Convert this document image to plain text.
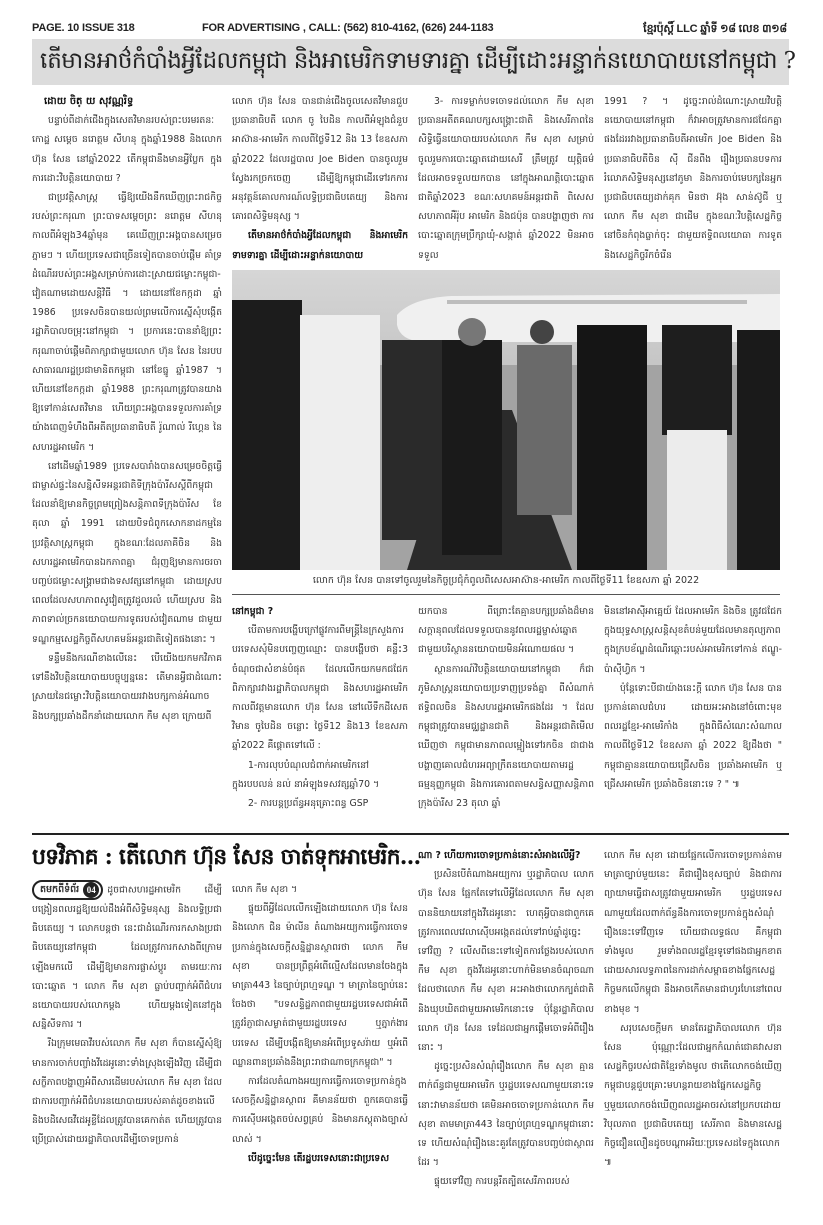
PAGE. 10 ISSUE 318	FOR ADVERTISING , CALL: (562) 810-4162, (626) 244-1183	ខ្មែរប៉ុស្ដិ៍ LLC ឆ្នាំទី ១៨ លេខ ៣១៨
តើមានអាថ៌កំបាំងអ្វីដែលកម្ពុជា និងអាមេរិកទាមទារគ្នា ដើម្បីដោះអន្ទាក់នយោបាយនៅកម្ពុជា ?

ដោយ ចិត្ យ សុវណ្ណរិទ្ធ

បន្ទាប់ពីដាក់ជើងក្នុងសេតវិមានរបស់ព្រះបរមរតនៈកោដ្ឋ សម្ដេច នរោត្ដម សីហនុ ក្នុងឆ្នាំ1988 និងលោក ហ៊ុន សែន នៅឆ្នាំ2022 តើកម្ពុជានឹងមានអ្វីប្លែក ក្នុងការដោះវិបត្តិនយោបាយ ?

ជាប្រវត្តិសាស្ត្រ ធ្វើឱ្យយើងនឹកឃើញព្រះរាជកិច្ចរបស់ព្រះករុណា ព្រះបាទសម្ដេចព្រះ នរោត្ដម សីហនុ កាលពីអំឡុង34ឆ្នាំមុន គេឃើញព្រះអង្គបានសម្រេចភ្នាមៗ ។ ហើយប្រទេសជាច្រើនទៀតបានចាប់ផ្ដើម គាំទ្រដំណើររបស់ព្រះអង្គសម្រាប់ការដោះស្រាយជម្លោះកម្ពុជា-វៀតណាមដោយសន្តិវិធី ។ ដោយនៅខែកក្កដា ឆ្នាំ 1986 ប្រទេសចិនបានយល់ព្រមលើការស្នើសុំបង្កើតរដ្ឋាភិបាលចម្រុះនៅកម្ពុជា ។ ប្រការនេះបាននាំឱ្យព្រះករុណាចាប់ផ្ដើមពិភាក្សាជាមួយលោក ហ៊ុន សែន នៃរបបសាធារណរដ្ឋប្រជាមានិតកម្ពុជា នៅខែធ្នូ ឆ្នាំ1987 ។ ហើយនៅខែកក្កដា ឆ្នាំ1988 ព្រះករុណាត្រូវបានយាងឱ្យទៅកាន់សេតវិមាន ហើយព្រះអង្គបានទទួលការគាំទ្រយ៉ាងពេញទំហឹងពីអតីតប្រធានាធិបតី រ៉ូណាល់ រីហ្គេន នៃសហរដ្ឋអាមេរិក ។

នៅដើមឆ្នាំ1989 ប្រទេសបារាំងបានសម្រេចចិត្តធ្វើជាម្ចាស់ផ្ទះនៃសន្និសីទអន្តរជាតិទីក្រុងប៉ារីសស្ដីពីកម្ពុជា ដែលនាំឱ្យមានកិច្ចព្រមព្រៀងសន្តិភាពទីក្រុងប៉ារីស ខែតុលា ឆ្នាំ 1991 ដោយបិទជំពូកសោកនាដកម្មនៃប្រវត្តិសាស្ត្រកម្ពុជា ក្នុងខណៈដែលភាគីចិន និងសហរដ្ឋអាមេរិកបានឯកភាពគ្នា ជំរុញឱ្យមានការចរចាបញ្ចប់ជម្លោះសង្គ្រាមជាងទសវត្សនៅកម្ពុជា ដោយស្របពេលដែលសហភាពសូវៀតត្រូវដួលរលំ ហើយស្រប និងភាពទាល់ច្រកនយោបាយការទូតរបស់វៀតណាម ជាមួយទណ្ឌកម្មសេដ្ឋកិច្ចពីសហគមន៍អន្តរជាតិទៀតផងនោះ ។

ទន្ទឹមនឹងករណីខាងលើនេះ បើយើងយកមកវិភាគទៅនឹងវិបត្តិនយោបាយបច្ចុប្បន្ននេះ តើមានអ្វីជាដំណោះស្រាយនៃជម្លោះវិបត្តិនយោបាយរវាងបក្សកាន់អំណាច និងបក្សប្រឆាំងដឹកនាំដោយលោក កឹម សុខា ក្រោយពី

លោក ហ៊ុន សែន បានជាន់ជើងចូលសេតវិមានជួបប្រធានាធិបតី លោក ចូ បៃដិន កាលពីអំឡុងជំនួបអាស៊ាន-អាមេរិក កាលពីថ្ងៃទី12 និង 13 ខែឧសភា ឆ្នាំ2022 ដែលរដ្ឋបាល Joe Biden បានចូលរួមស្វែងរកច្រកចេញ ដើម្បីឱ្យកម្ពុជាដើរទៅរកការអនុវត្តន៍គោលការណ៍លទ្ធិប្រជាធិបតេយ្យ និងការគោរពសិទ្ធិមនុស្ស ។

តើមានអាថ៌កំបាំងអ្វីដែលកម្ពុជា និងអាមេរិកទាមទារគ្នា ដើម្បីដោះអន្ទាក់នយោបាយ

3- ការទម្លាក់បទចោទដល់លោក កឹម សុខា ប្រធានអតីតគណបក្សសង្គ្រោះជាតិ និងសេរីភាពនៃសិទ្ធិធ្វើនយោបាយរបស់លោក កឹម សុខា សម្រាប់ចូលរួមការបោះឆ្នោតដោយសេរី ត្រឹមត្រូវ យុត្តិធម៌ ដែលអាចទទួលយកបាន នៅក្នុងអាណត្តិបោះឆ្នោតជាតិឆ្នាំ2023 ខណៈសហគមន៍អន្តរជាតិ ពិសេសសហភាពអឺរ៉ុប អាមេរិក និងជប៉ុន បានបង្ហាញថា ការបោះឆ្នោតក្រុមប្រឹក្សាឃុំ-សង្កាត់ ឆ្នាំ2022 មិនអាចទទួល

1991 ? ។ ដូច្នេះរាល់ដំណោះស្រាយវិបត្តិនយោបាយនៅកម្ពុជា ក៏វាអាចត្រូវមានការជជែកគ្នាផងដែររវាងប្រធានាធិបតីអាមេរិក Joe Biden និងប្រធានាធិបតីចិន ស៊ី ជីនពីង រឿងប្រធានបទការរំលោភសិទ្ធិមនុស្សនៅភូមា និងការចាប់មេបក្សនៃអ្នកប្រជាធិបតេយ្យដាក់គុក មិនថា អ៊ុង សាន់ស៊ូជី ឬលោក កឹម សុខា ជាដើម ក្នុងខណៈវិបត្តិសេដ្ឋកិច្ចនៅចិនកំពុងធ្លាក់ចុះ ជាមួយឥទ្ធិពលយោធា ការទូត និងសេដ្ឋកិច្ចរីកចំរើន

លោក ហ៊ុន សែន បានទៅចូលរួមនៃកិច្ចប្រជុំកំពូលពិសេសអាស៊ាន-អាមេរិក កាលពីថ្ងៃទី11 ខែឧសភា ឆ្នាំ 2022

នៅកម្ពុជា ?

បើតាមការបង្ហើបក្រៅផ្លូវការពីមន្ត្រីនៃក្រសួងការបរទេសសុំមិនបញ្ចេញឈ្មោះ បានបង្ហើបថា គន្លឹះ3 ចំណុចជាសំខាន់បំផុត ដែលលើកយកមកជជែកពិភាក្សារវាងរដ្ឋាភិបាលកម្ពុជា និងសហរដ្ឋអាមេរិក កាលពីវត្តមានលោក ហ៊ុន សែន នៅលើទឹកដីសេតវិមាន ចូបៃដិន ចន្លោះ ថ្ងៃទី12 និង13 ខែឧសភា ឆ្នាំ2022 គឺផ្ដោតទៅលើ :

1-ការលុបបំណុលជំពាក់អាមេរិកនៅក្នុងរបបលន់ នល់ នាអំឡុងទសវត្សឆ្នាំ70 ។

2- ការបន្តប្រព័ន្ធអនុគ្រោះពន្ធ GSP

យកបាន ពីព្រោះតែគ្មានបក្សប្រឆាំងដ៏មានសក្តានុពលដែលទទួលបាននូវពលរដ្ឋម្ចាស់ឆ្នោតជាមួយបរិស្ថាននយោបាយមិនអំណោយផល ។

ស្ថានការណ៍វិបត្តិនយោបាយនៅកម្ពុជា ក៏ជាភូមិសាស្ត្រនយោបាយប្រទាញប្រទង់គ្នា ពីសំណាក់ឥទ្ធិពលចិន និងសហរដ្ឋអាមេរិកផងដែរ ។ ដែលកម្ពុជាត្រូវបានមជ្ឈដ្ឋានជាតិ និងអន្តរជាតិមើលឃើញថា កម្ពុជាមានភាពលម្អៀងទៅរកចិន ជាជាងបង្ហាញគោលជំហរអព្យាក្រឹតនយោបាយតាមរដ្ឋធម្មនុញ្ញកម្ពុជា និងការគោរពតាមសន្ធិសញ្ញាសន្តិភាពក្រុងប៉ារីស 23 តុលា ឆ្នាំ

មិននៅអាស៊ីអាគ្នេយ៍ ដែលអាមេរិក និងចិន ត្រូវជជែក ក្នុងយុទ្ធសាស្ត្រសន្តិសុខតំបន់មួយដែលមានតុល្យភាព ក្នុងក្របខ័ណ្ឌដំណើរឆ្ពោះរបស់អាមេរិកទៅកាន់ ឥណ្ឌូ-ប៉ាស៊ីហ្វិក ។

ប៉ុន្តែទោះបីជាយ៉ាងនេះក្ដី លោក ហ៊ុន សែន បានប្រកាន់គោលជំហរ ដោយអះអាងនៅចំពោះមុខពលរដ្ឋខ្មែរ-អាមេរិកាំង ក្នុងពិធីសំណេះសំណាលកាលពីថ្ងៃទី12 ខែឧសភា ឆ្នាំ 2022 ឱ្យដឹងថា " កម្ពុជាគ្មាននយោបាយជ្រើសចិន ប្រឆាំងអាមេរិក ឬជ្រើសអាមេរិក ប្រឆាំងចិននោះទេ ? " ៕

បទវិភាគ : តើលោក ហ៊ុន សែន ចាត់ទុកអាមេរិក...

តមកពីទំព័រ 04	ដូចជាសហរដ្ឋអាមេរិក ដើម្បីបង្រៀនពលរដ្ឋឱ្យយល់ដឹងអំពីសិទ្ធិមនុស្ស និងលទ្ធិប្រជាធិបតេយ្យ ។ លោកបន្តថា នេះជាដំណើរការកសាងប្រជាធិបតេយ្យនៅកម្ពុជា ដែលត្រូវការកសាងពីក្រោមឡើងមកលើ ដើម្បីឱ្យមានការផ្លាស់ប្ដូរ តាមរយៈការបោះឆ្នោត ។ លោក កឹម សុខា ធ្លាប់បញ្ជាក់អំពីជំហរនយោបាយរបស់លោកម្ដង ហើយម្ដងទៀតនៅក្នុងសន្និសីទការ ។

រីឯក្រុមមេធាវីរបស់លោក កឹម សុខា ក៏បានស្នើសុំឱ្យមានការចាក់បញ្ចាំងវីដេអូនោះទាំងស្រុងឡើងវិញ ដើម្បីជាសក្ខីភាពបង្ហាញអំពីសារដើមរបស់លោក កឹម សុខា ដែលជាការបញ្ជាក់អំពីជំហរនយោបាយរបស់គាត់ដូចខាងលើ និងបដិសេធវីដេអូខ្លីដែលត្រូវបានគេកាត់ត ហើយត្រូវបានប្រើប្រាស់ដោយរដ្ឋាភិបាលដើម្បីចោទប្រកាន់

លោក កឹម សុខា ។

ផ្ទុយពីអ្វីដែលលើកឡើងដោយលោក ហ៊ុន សែន និងលោក ជិន ម៉ាលីន តំណាងអយ្យការធ្វើការចោទប្រកាន់ក្នុងសេចក្ដីសន្និដ្ឋានស្ថាពរថា លោក កឹម សុខា បានប្រព្រឹត្តអំពើល្មើសដែលមានចែងក្នុងមាត្រា443 នៃច្បាប់ព្រហ្មទណ្ឌ ។ មាត្រានៃច្បាប់នេះចែងថា "បទសន្ទិដ្ឋភាពជាមួយរដ្ឋបរទេសជាអំពើត្រូវរំភ្ញាជាសម្ងាត់ជាមួយរដ្ឋបរទេស ឬភ្នាក់ងារបរទេស ដើម្បីបង្កើតឱ្យមានអំពើប្រទូសរ៉ាយ ឬអំពើឈ្លានពានប្រឆាំងនឹងព្រះរាជាណាចក្រកម្ពុជា" ។

ការដែលតំណាងអយ្យការធ្វើការចោទប្រកាន់ក្នុងសេចក្ដីសន្និដ្ឋានស្ថាពរ គឺមានន័យថា ពួកគេបានធ្វើការស៊ើបអង្កេតចប់សព្វគ្រប់ និងមានភស្តុតាងច្បាស់លាស់ ។

បើដូច្នេះមែន តើរដ្ឋបរទេសនោះជាប្រទេស

ណា ? ហើយការចោទប្រកាន់នោះសំអាងលើអ្វី?

ប្រសិនបើតំណាងអយ្យការ ឬរដ្ឋាភិបាល លោក ហ៊ុន សែន ផ្អែកតែទៅលើអ្វីដែលលោក កឹម សុខា បាននិយាយនៅក្នុងវីដេអូនោះ ហេតុអ្វីបានជាពួកគេត្រូវការពេលវេលាស៊ើបអង្កេតដល់ទៅរាប់ឆ្នាំដូច្នេះទៅវិញ ? លើសពីនេះទៅទៀតការថ្លែងរបស់លោក កឹម សុខា ក្នុងវីដេអូនោះហាក់មិនមានចំណុចណាដែលថាលោក កឹម សុខា អះអាងថាលោកក្បត់ជាតិ និងឃុបឃិតជាមួយអាមេរិកនោះទេ ប៉ុន្តែរដ្ឋាភិបាលលោក ហ៊ុន សែន ទេដែលជាអ្នកផ្ដើមចោទអំពីរឿង នោះ ។

ដូច្នេះប្រសិនសំណុំរឿងលោក កឹម សុខា គ្មានពាក់ព័ន្ធជាមួយអាមេរិក ឬរដ្ឋបរទេសណាមួយនោះទេ នោះវាមានន័យថា គេមិនអាចចោទប្រកាន់លោក កឹម សុខា តាមមាត្រា443 នៃច្បាប់ព្រហ្មទណ្ឌកម្ពុជានោះទេ ហើយសំណុំរឿងនេះគួរតែត្រូវបានបញ្ចប់ជាស្ថាពរដែរ ។

ផ្ទុយទៅវិញ ការបន្តរឹតត្បិតសេរីភាពរបស់

លោក កឹម សុខា ដោយផ្អែកលើការចោទប្រកាន់តាមមាត្រាច្បាប់មួយនេះ គឺជារឿងខុសច្បាប់ និងជាការព្យាយាមធ្វើជាសត្រូវជាមួយអាមេរិក ឬរដ្ឋបរទេសណាមួយដែលពាក់ព័ន្ធនឹងការចោទប្រកាន់ក្នុងសំណុំរឿងនេះទៅវិញទេ ហើយជាលទ្ធផល គឺកម្ពុជាទាំងមូល រួមទាំងពលរដ្ឋខ្មែរទូទៅផងជាអ្នកខាត ដោយសារលទ្ធភាពនៃការដាក់សម្ពាធខាងផ្នែកសេដ្ឋកិច្ចមកលើកម្ពុជា នឹងអាចកើតមានជាហូរហែនៅពេលខាងមុខ ។

សរុបសេចក្ដីមក មានតែរដ្ឋាភិបាលលោក ហ៊ុន សែន ប៉ុណ្ណោះដែលជាអ្នកកំណត់ជោគវាសនាសេដ្ឋកិច្ចរបស់ជាតិខ្មែរទាំងមូល ថាតើលោកចង់ឃើញកម្ពុជាបន្តជួបគ្រោះមហន្តរាយខាងផ្នែកសេដ្ឋកិច្ច ឬមួយលោកចង់ឃើញពលរដ្ឋអាចរស់នៅប្រកបដោយវិបុលភាព ប្រជាធិបតេយ្យ សេរីភាព និងមានសេដ្ឋកិច្ចជឿនលឿនដូចបណ្ដាអរិយៈប្រទេសដទៃក្នុងលោក ៕
